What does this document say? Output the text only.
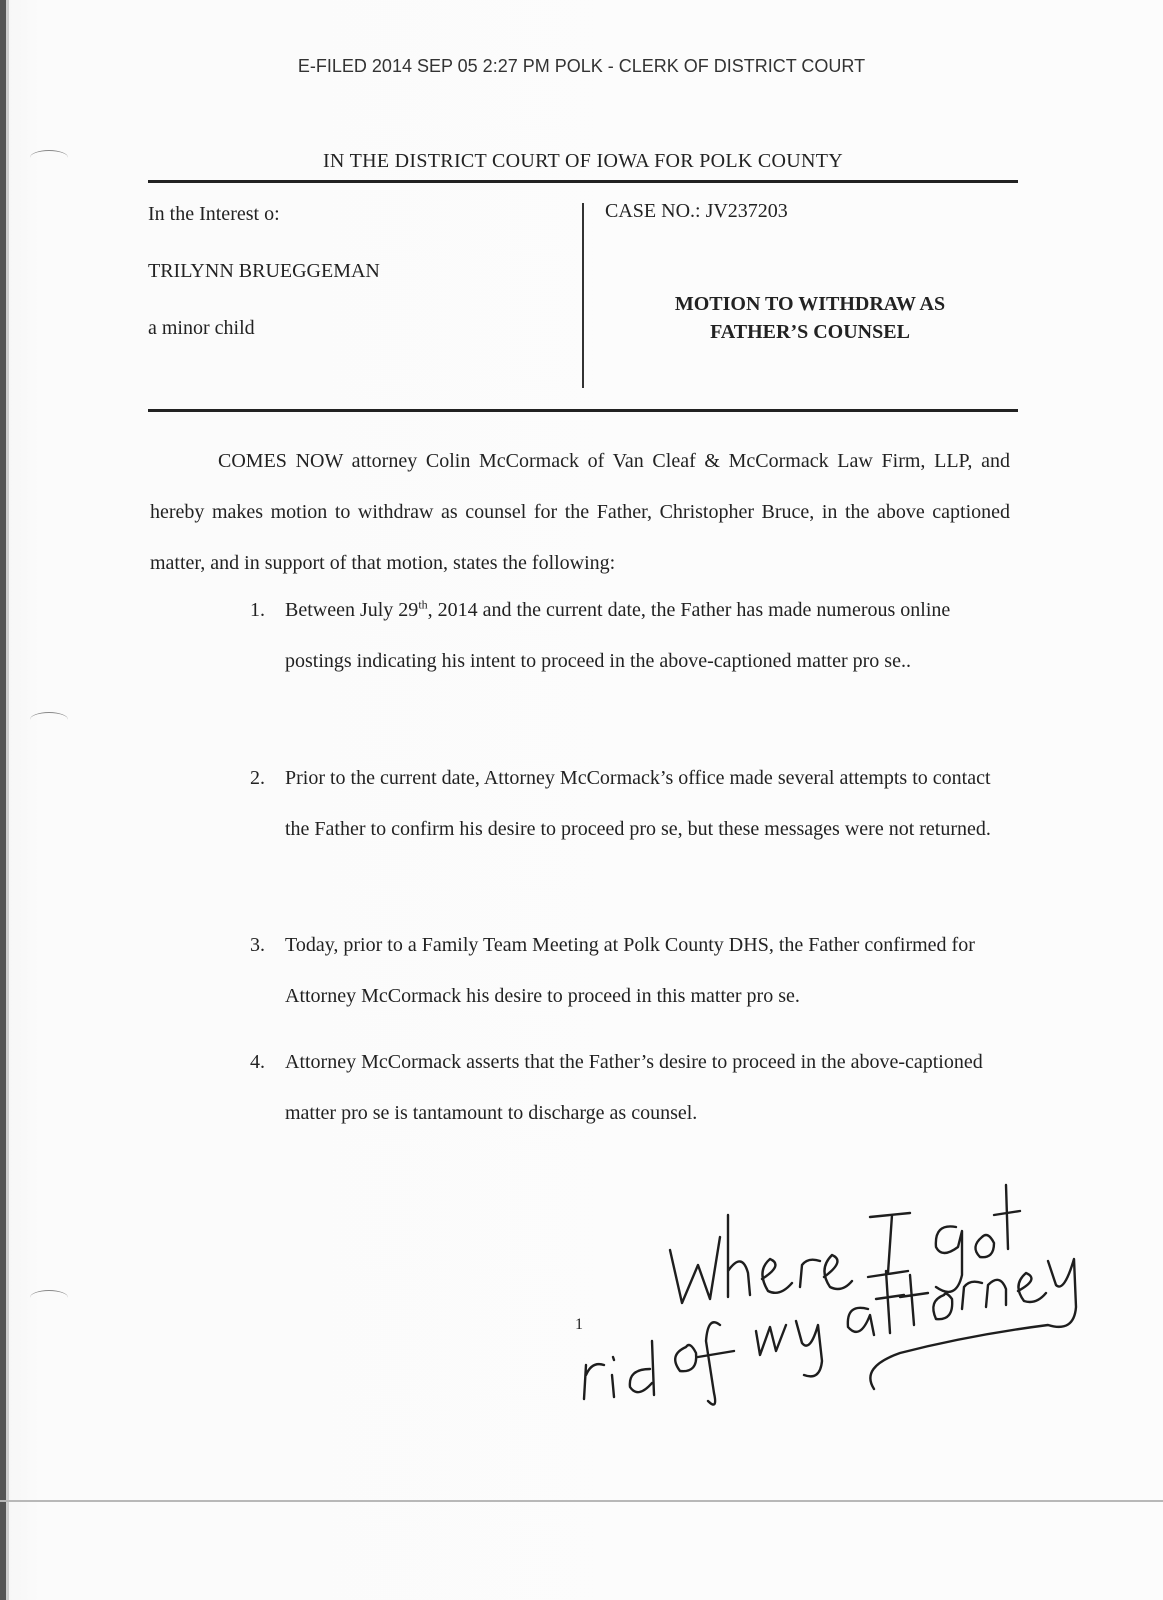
E-FILED 2014 SEP 05 2:27 PM POLK - CLERK OF DISTRICT COURT
IN THE DISTRICT COURT OF IOWA FOR POLK COUNTY
In the Interest o:
TRILYNN BRUEGGEMAN
a minor child
CASE NO.: JV237203
MOTION TO WITHDRAW AS
FATHER’S COUNSEL
COMES NOW attorney Colin McCormack of Van Cleaf & McCormack Law Firm, LLP, and hereby makes motion to withdraw as counsel for the Father, Christopher Bruce, in the above captioned matter, and in support of that motion, states the following:
1.	Between July 29th, 2014 and the current date, the Father has made numerous online postings indicating his intent to proceed in the above-captioned matter pro se..
2.	Prior to the current date, Attorney McCormack’s office made several attempts to contact the Father to confirm his desire to proceed pro se, but these messages were not returned.
3.	Today, prior to a Family Team Meeting at Polk County DHS, the Father confirmed for Attorney McCormack his desire to proceed in this matter pro se.
4.	Attorney McCormack asserts that the Father’s desire to proceed in the above-captioned matter pro se is tantamount to discharge as counsel.
1
